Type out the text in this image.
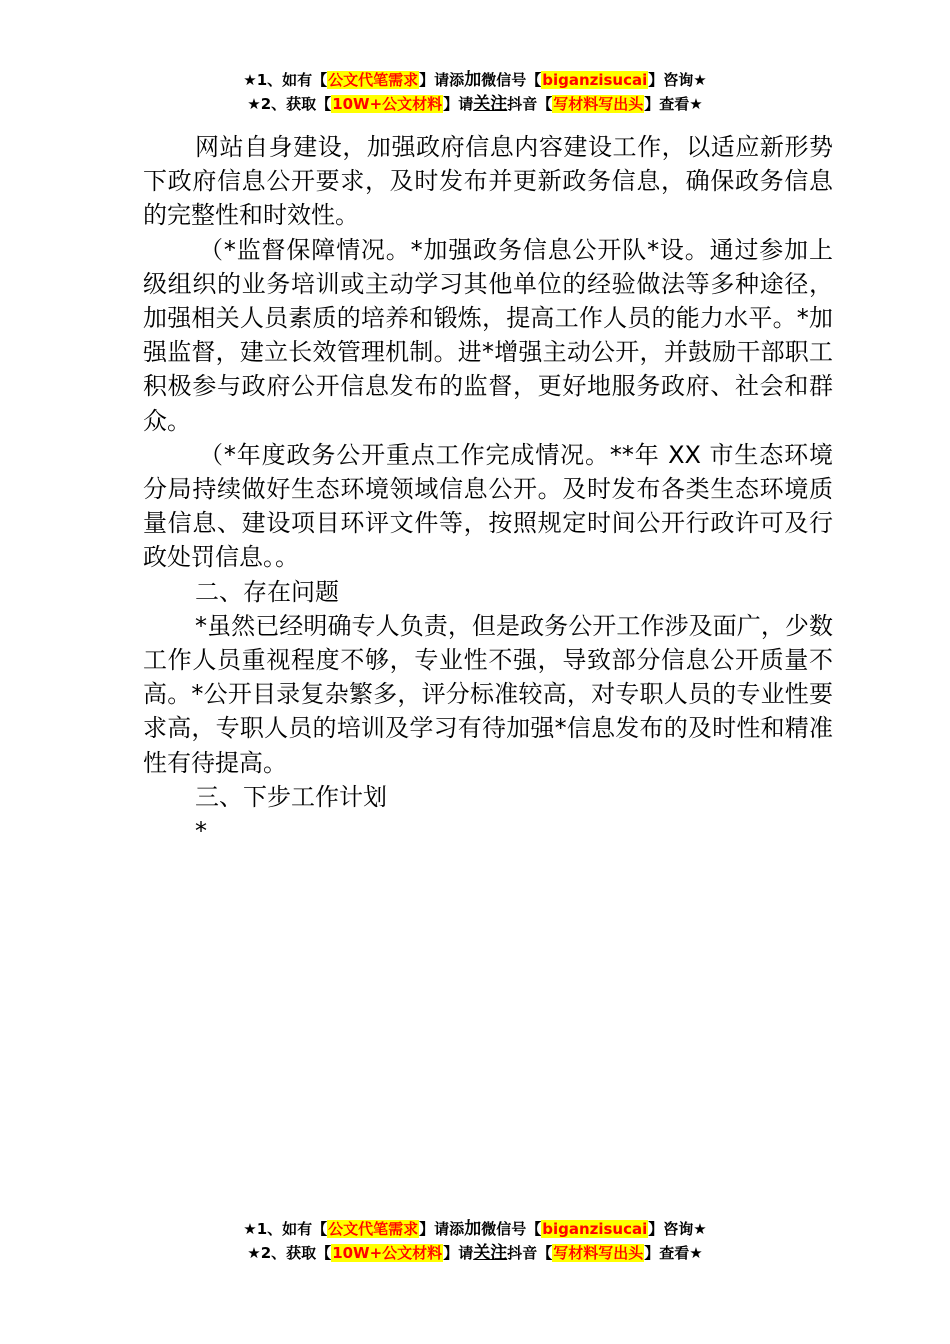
★1、如有【公文代笔需求】请添加微信号【biganzisucai】咨询★
★2、获取【10W+公文材料】请关注抖音【写材料写出头】查看★

网站自身建设，加强政府信息内容建设工作，以适应新形势下政府信息公开要求，及时发布并更新政务信息，确保政务信息的完整性和时效性。

（*监督保障情况。*加强政务信息公开队*设。通过参加上级组织的业务培训或主动学习其他单位的经验做法等多种途径，加强相关人员素质的培养和锻炼，提高工作人员的能力水平。*加强监督，建立长效管理机制。进*增强主动公开，并鼓励干部职工积极参与政府公开信息发布的监督，更好地服务政府、社会和群众。

（*年度政务公开重点工作完成情况。**年 XX 市生态环境分局持续做好生态环境领域信息公开。及时发布各类生态环境质量信息、建设项目环评文件等，按照规定时间公开行政许可及行政处罚信息。。

二、存在问题

*虽然已经明确专人负责，但是政务公开工作涉及面广，少数工作人员重视程度不够，专业性不强，导致部分信息公开质量不高。*公开目录复杂繁多，评分标准较高，对专职人员的专业性要求高，专职人员的培训及学习有待加强*信息发布的及时性和精准性有待提高。

三、下步工作计划

*

★1、如有【公文代笔需求】请添加微信号【biganzisucai】咨询★
★2、获取【10W+公文材料】请关注抖音【写材料写出头】查看★
